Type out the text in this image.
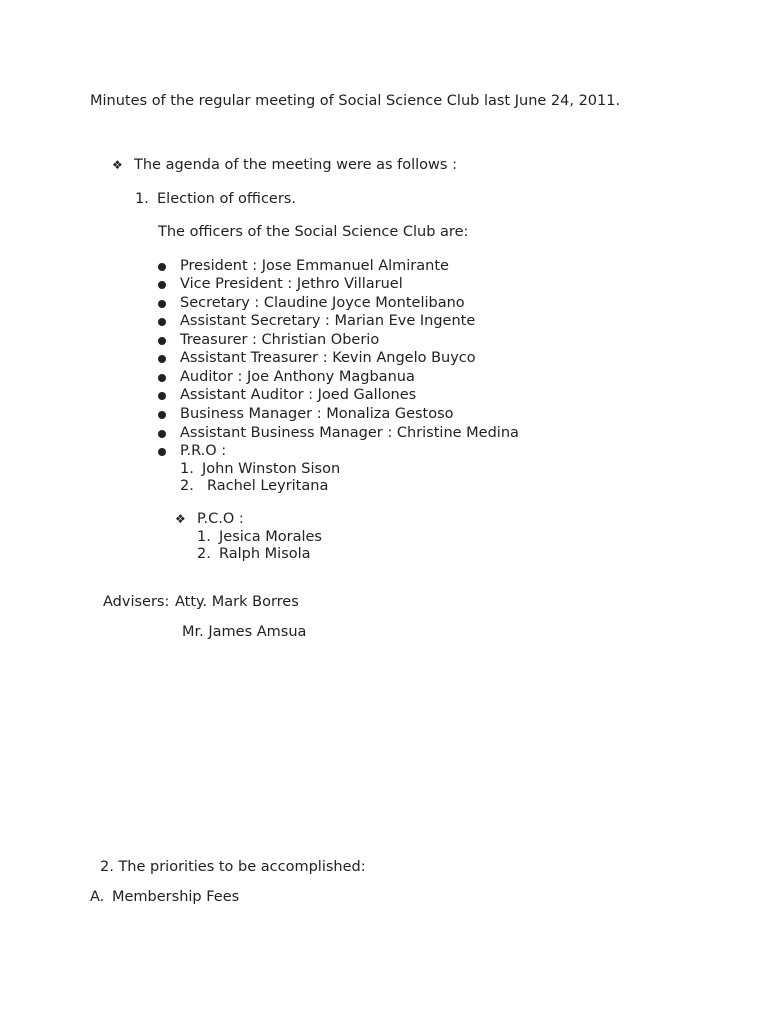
Minutes of the regular meeting of Social Science Club last June 24, 2011.
❖ The agenda of the meeting were as follows :
1. Election of officers.
The officers of the Social Science Club are:
President : Jose Emmanuel Almirante
Vice President : Jethro Villaruel
Secretary : Claudine Joyce Montelibano
Assistant Secretary : Marian Eve Ingente
Treasurer : Christian Oberio
Assistant Treasurer : Kevin Angelo Buyco
Auditor : Joe Anthony Magbanua
Assistant Auditor : Joed Gallones
Business Manager : Monaliza Gestoso
Assistant Business Manager : Christine Medina
P.R.O :
1. John Winston Sison
2. Rachel Leyritana
❖ P.C.O :
1. Jesica Morales
2. Ralph Misola
Advisers: Atty. Mark Borres
Mr. James Amsua
2. The priorities to be accomplished:
A. Membership Fees
